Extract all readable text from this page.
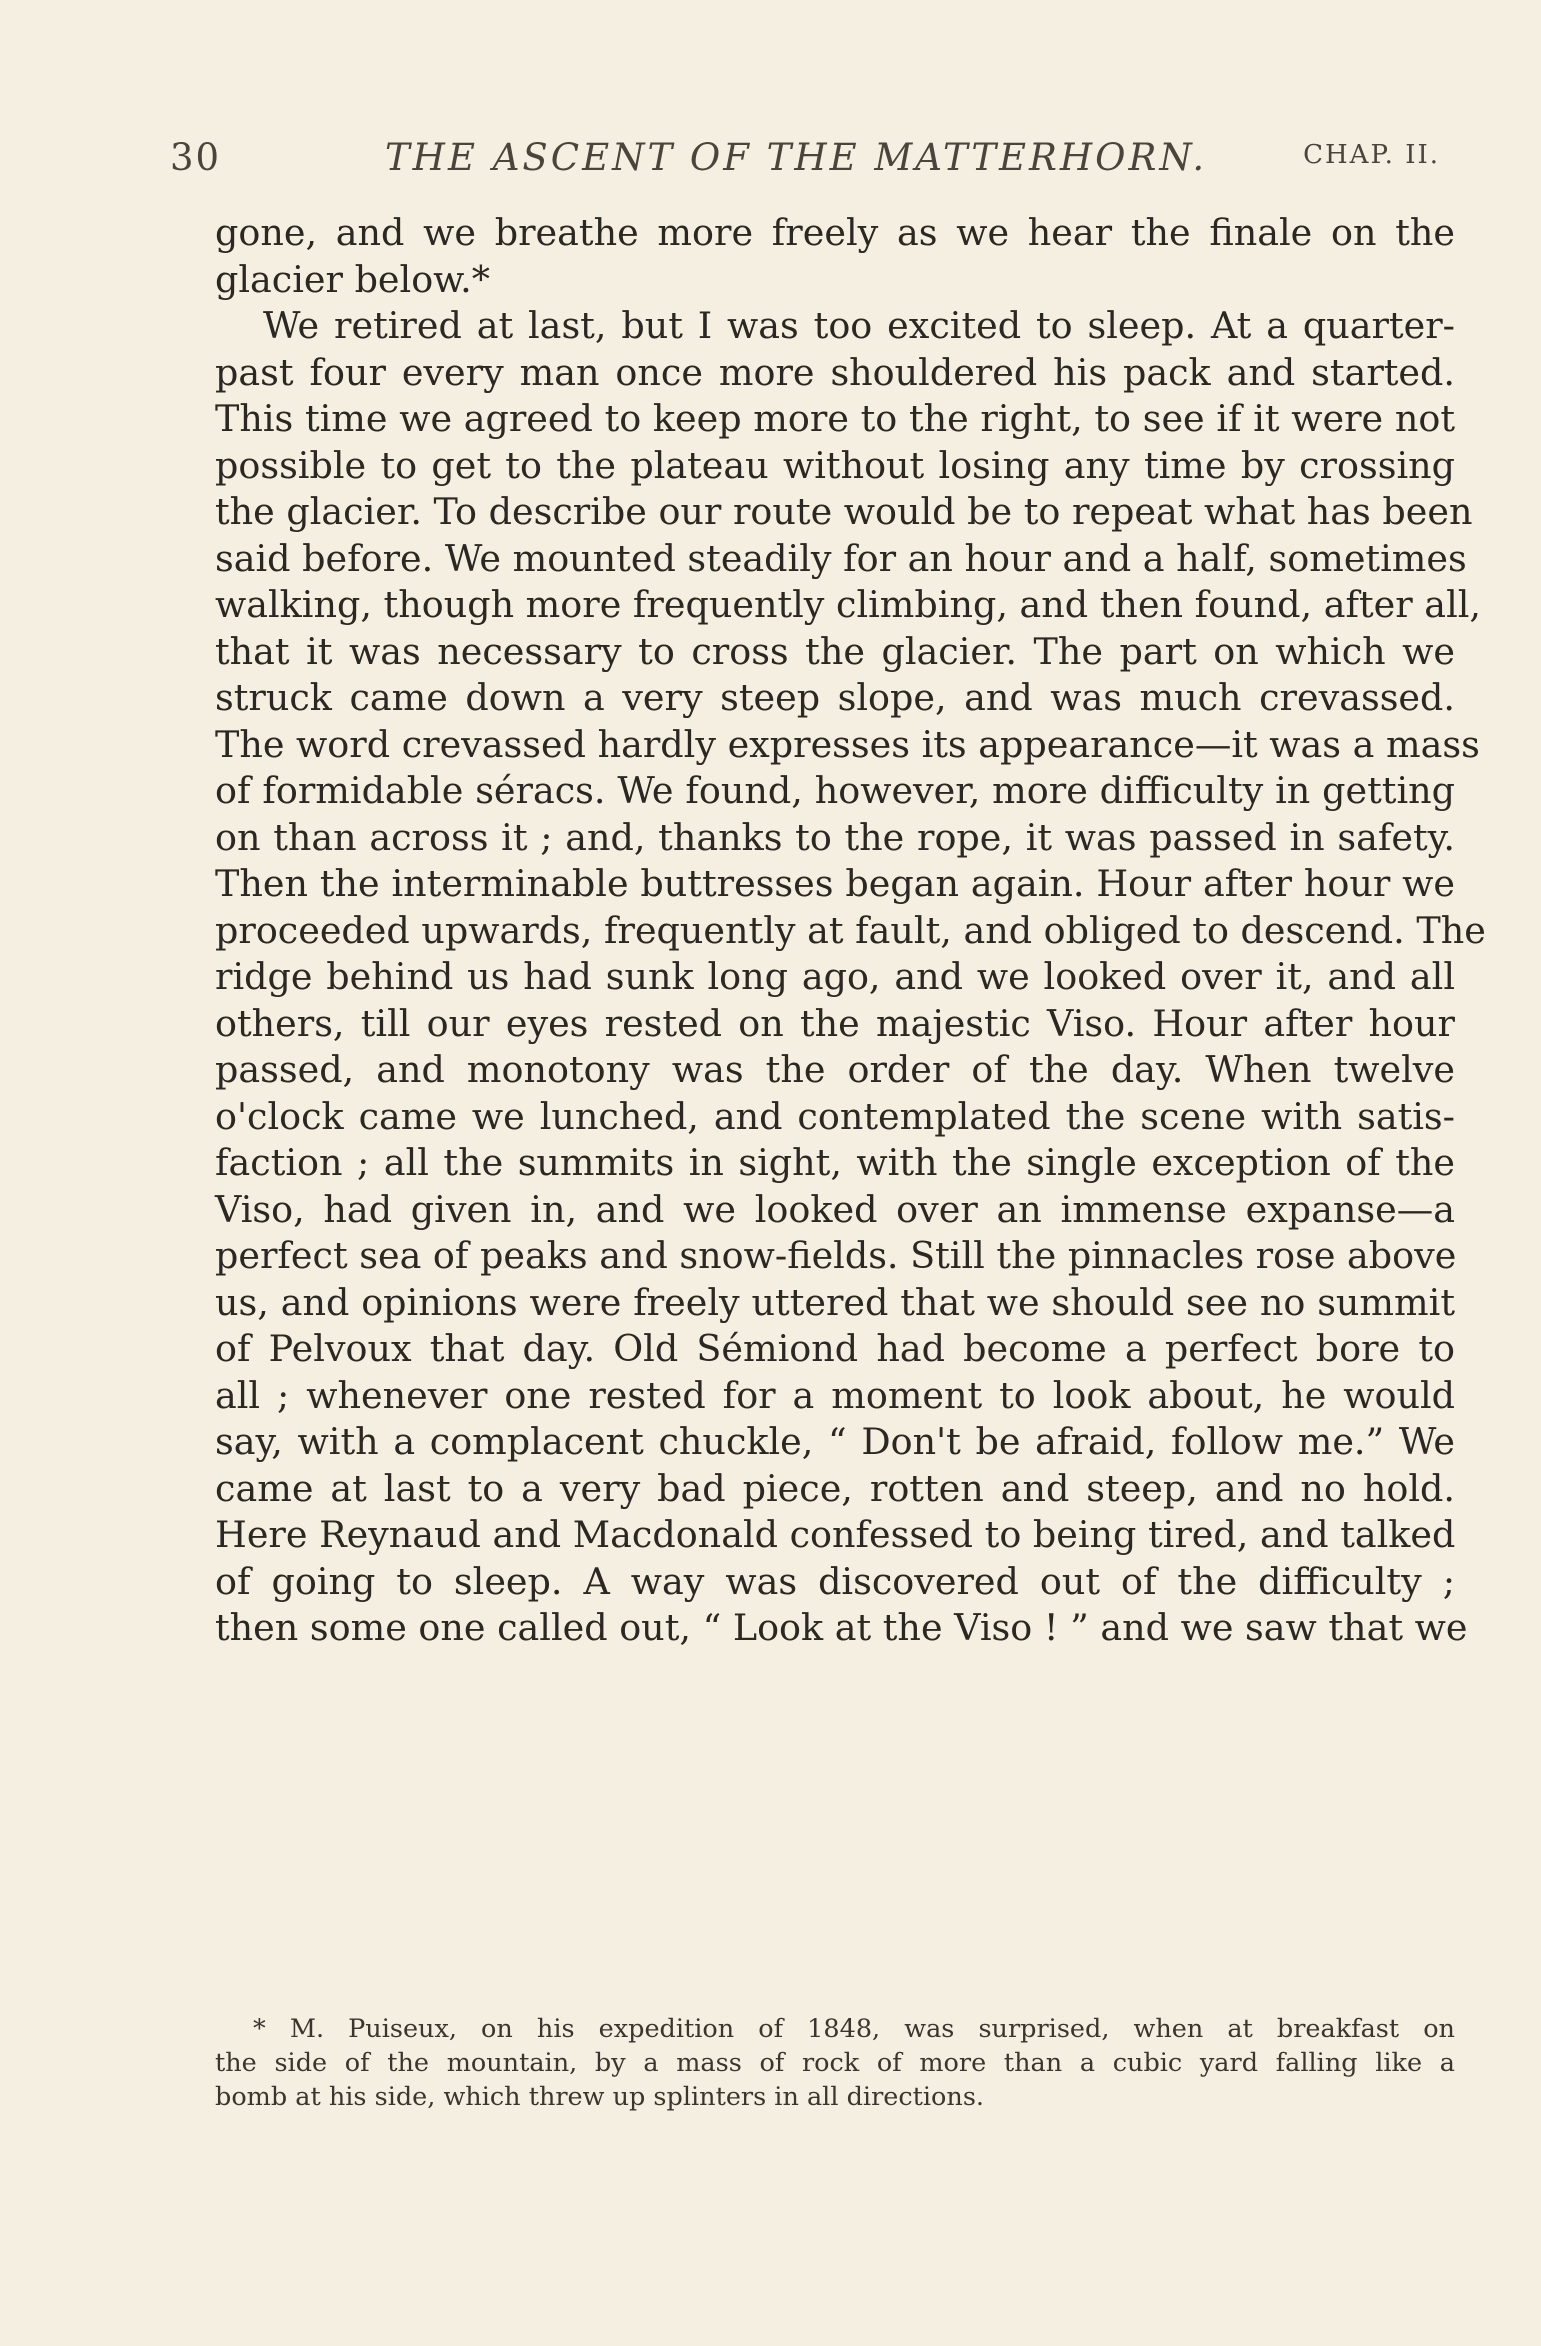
30	THE ASCENT OF THE MATTERHORN.	CHAP. II.
gone, and we breathe more freely as we hear the finale on the
glacier below.*
We retired at last, but I was too excited to sleep. At a quarter-
past four every man once more shouldered his pack and started.
This time we agreed to keep more to the right, to see if it were not
possible to get to the plateau without losing any time by crossing
the glacier. To describe our route would be to repeat what has been
said before. We mounted steadily for an hour and a half, sometimes
walking, though more frequently climbing, and then found, after all,
that it was necessary to cross the glacier. The part on which we
struck came down a very steep slope, and was much crevassed.
The word crevassed hardly expresses its appearance—it was a mass
of formidable séracs. We found, however, more difficulty in getting
on than across it ; and, thanks to the rope, it was passed in safety.
Then the interminable buttresses began again. Hour after hour we
proceeded upwards, frequently at fault, and obliged to descend. The
ridge behind us had sunk long ago, and we looked over it, and all
others, till our eyes rested on the majestic Viso. Hour after hour
passed, and monotony was the order of the day. When twelve
o'clock came we lunched, and contemplated the scene with satis-
faction ; all the summits in sight, with the single exception of the
Viso, had given in, and we looked over an immense expanse—a
perfect sea of peaks and snow-fields. Still the pinnacles rose above
us, and opinions were freely uttered that we should see no summit
of Pelvoux that day. Old Sémiond had become a perfect bore to
all ; whenever one rested for a moment to look about, he would
say, with a complacent chuckle, “ Don't be afraid, follow me.” We
came at last to a very bad piece, rotten and steep, and no hold.
Here Reynaud and Macdonald confessed to being tired, and talked
of going to sleep. A way was discovered out of the difficulty ;
then some one called out, “ Look at the Viso ! ” and we saw that we
* M. Puiseux, on his expedition of 1848, was surprised, when at breakfast on
the side of the mountain, by a mass of rock of more than a cubic yard falling like a
bomb at his side, which threw up splinters in all directions.
